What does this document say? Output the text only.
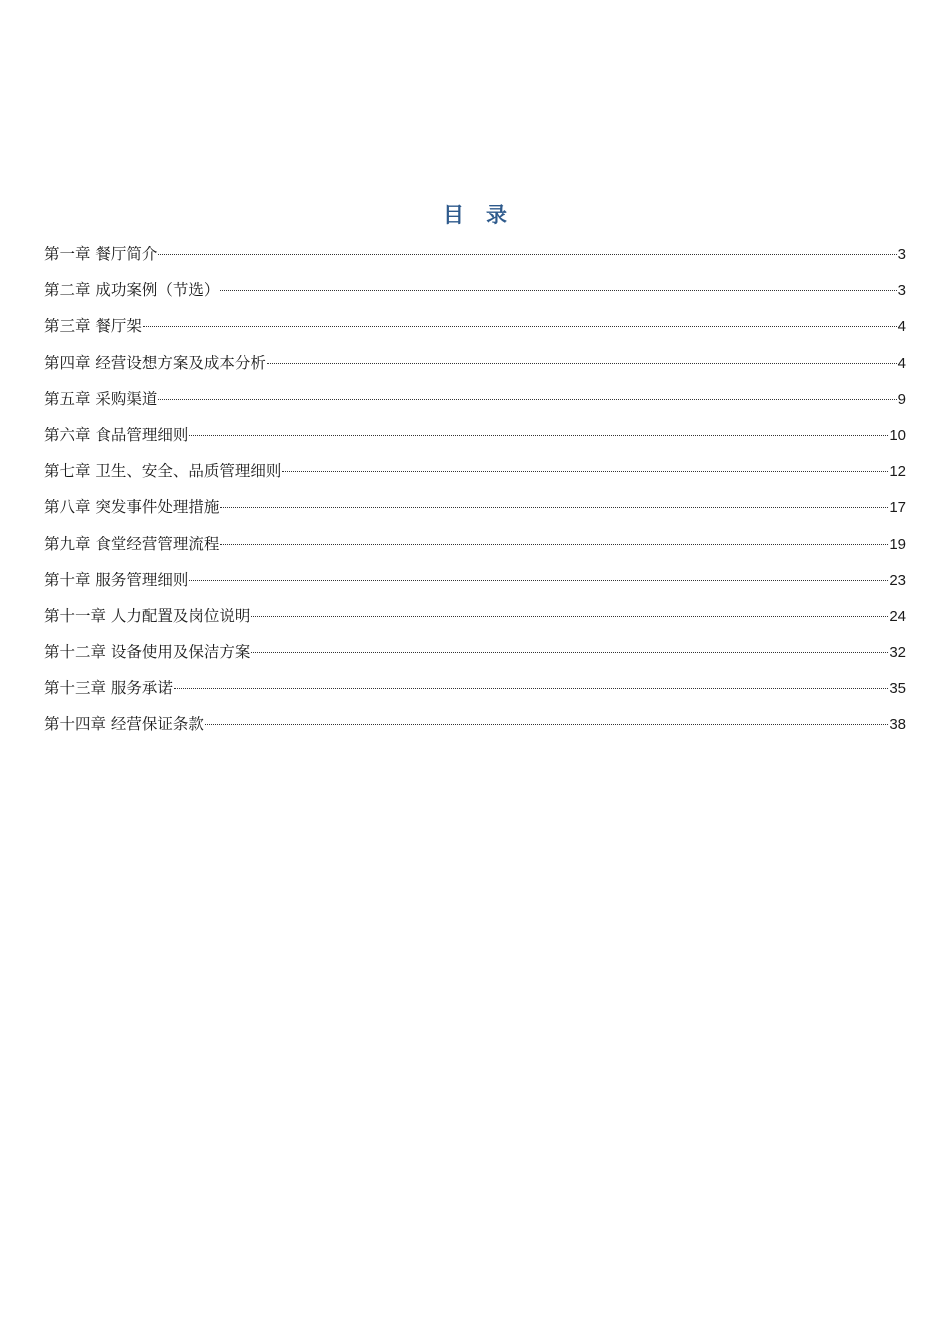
目 录
第一章 餐厅简介	3
第二章 成功案例（节选）	3
第三章 餐厅架	4
第四章 经营设想方案及成本分析	4
第五章 采购渠道	9
第六章 食品管理细则	10
第七章 卫生、安全、品质管理细则	12
第八章 突发事件处理措施	17
第九章 食堂经营管理流程	19
第十章 服务管理细则	23
第十一章 人力配置及岗位说明	24
第十二章 设备使用及保洁方案	32
第十三章 服务承诺	35
第十四章 经营保证条款	38
